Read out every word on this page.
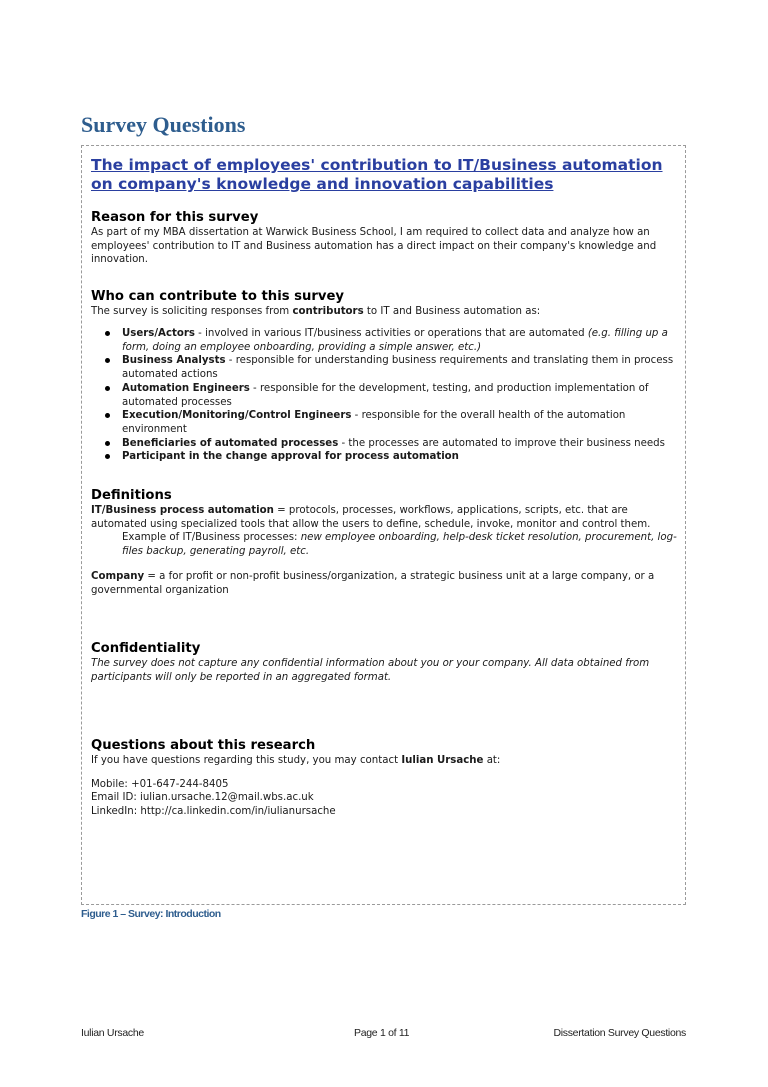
Survey Questions

The impact of employees' contribution to IT/Business automation on company's knowledge and innovation capabilities

Reason for this survey

As part of my MBA dissertation at Warwick Business School, I am required to collect data and analyze how an employees' contribution to IT and Business automation has a direct impact on their company's knowledge and innovation.

Who can contribute to this survey

The survey is soliciting responses from contributors to IT and Business automation as:

Users/Actors - involved in various IT/business activities or operations that are automated (e.g. filling up a form, doing an employee onboarding, providing a simple answer, etc.)
Business Analysts - responsible for understanding business requirements and translating them in process automated actions
Automation Engineers - responsible for the development, testing, and production implementation of automated processes
Execution/Monitoring/Control Engineers - responsible for the overall health of the automation environment
Beneficiaries of automated processes - the processes are automated to improve their business needs
Participant in the change approval for process automation

Definitions

IT/Business process automation = protocols, processes, workflows, applications, scripts, etc. that are automated using specialized tools that allow the users to define, schedule, invoke, monitor and control them.

Example of IT/Business processes: new employee onboarding, help-desk ticket resolution, procurement, log-files backup, generating payroll, etc.

Company = a for profit or non-profit business/organization, a strategic business unit at a large company, or a governmental organization

Confidentiality

The survey does not capture any confidential information about you or your company. All data obtained from participants will only be reported in an aggregated format.

Questions about this research

If you have questions regarding this study, you may contact Iulian Ursache at:

Mobile: +01-647-244-8405

Email ID: iulian.ursache.12@mail.wbs.ac.uk

LinkedIn: http://ca.linkedin.com/in/iulianursache

Figure 1 – Survey: Introduction
Iulian Ursache	Page 1 of 11	Dissertation Survey Questions
